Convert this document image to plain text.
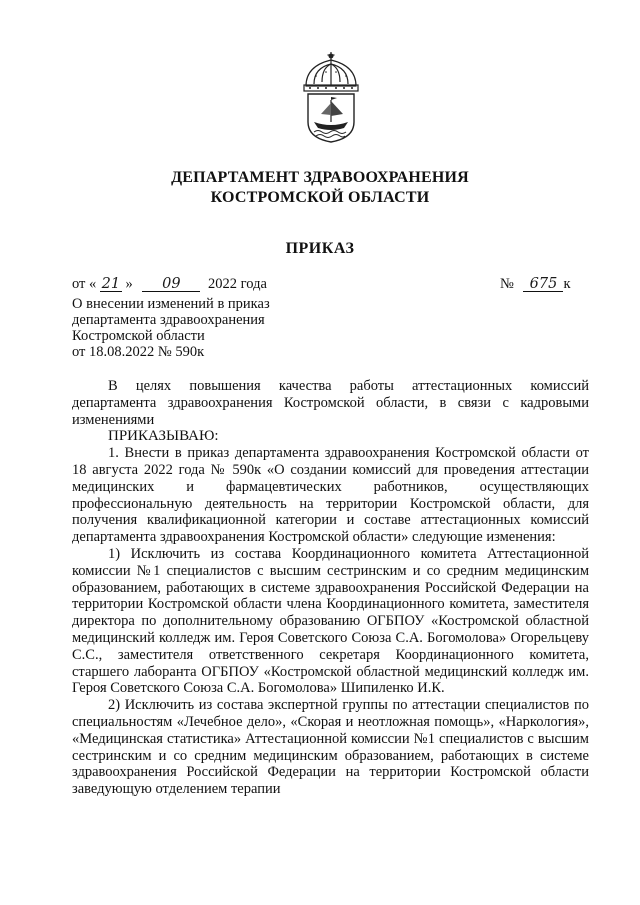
ДЕПАРТАМЕНТ ЗДРАВООХРАНЕНИЯ
КОСТРОМСКОЙ ОБЛАСТИ
ПРИКАЗ
от « 21 » 09 2022 года	№ 675 к
О внесении изменений в приказ
департамента здравоохранения
Костромской области
от 18.08.2022 № 590к

В целях повышения качества работы аттестационных комиссий департамента здравоохранения Костромской области, в связи с кадровыми изменениями

ПРИКАЗЫВАЮ:

1. Внести в приказ департамента здравоохранения Костромской области от 18 августа 2022 года № 590к «О создании комиссий для проведения аттестации медицинских и фармацевтических работников, осуществляющих профессиональную деятельность на территории Костромской области, для получения квалификационной категории и составе аттестационных комиссий департамента здравоохранения Костромской области» следующие изменения:

1) Исключить из состава Координационного комитета Аттестационной комиссии №1 специалистов с высшим сестринским и со средним медицинским образованием, работающих в системе здравоохранения Российской Федерации на территории Костромской области члена Координационного комитета, заместителя директора по дополнительному образованию ОГБПОУ «Костромской областной медицинский колледж им. Героя Советского Союза С.А. Богомолова» Огорельцеву С.С., заместителя ответственного секретаря Координационного комитета, старшего лаборанта ОГБПОУ «Костромской областной медицинский колледж им. Героя Советского Союза С.А. Богомолова» Шипиленко И.К.

2) Исключить из состава экспертной группы по аттестации специалистов по специальностям «Лечебное дело», «Скорая и неотложная помощь», «Наркология», «Медицинская статистика» Аттестационной комиссии №1 специалистов с высшим сестринским и со средним медицинским образованием, работающих в системе здравоохранения Российской Федерации на территории Костромской области заведующую отделением терапии
